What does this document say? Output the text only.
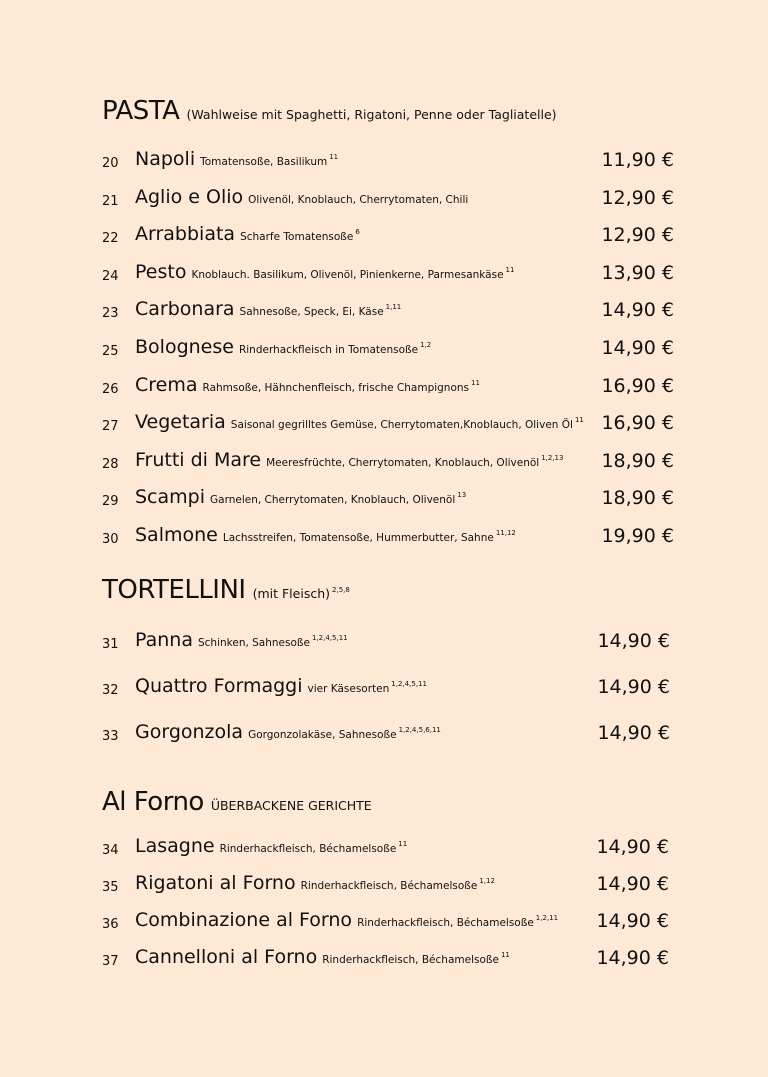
PASTA (Wahlweise mit Spaghetti, Rigatoni, Penne oder Tagliatelle)
20 Napoli Tomatensoße, Basilikum $^{11}$	11,90 €
21 Aglio e Olio Olivenöl, Knoblauch, Cherrytomaten, Chili	12,90 €
22 Arrabbiata Scharfe Tomatensoße $^6$	12,90 €
24 Pesto Knoblauch. Basilikum, Olivenöl, Pinienkerne, Parmesankäse $^{11}$	13,90 €
23 Carbonara Sahnesoße, Speck, Ei, Käse $^{1,11}$	14,90 €
25 Bolognese Rinderhackfleisch in Tomatensoße $^{1,2}$	14,90 €
26 Crema Rahmsoße, Hähnchenfleisch, frische Champignons $^{11}$	16,90 €
27 Vegetaria Saisonal gegrilltes Gemüse, Cherrytomaten,Knoblauch, Oliven Öl $^{11}$ 16,90 €
28 Frutti di Mare Meeresfrüchte, Cherrytomaten, Knoblauch, Olivenöl $^{1,2,13}$ 18,90 €
29 Scampi Garnelen, Cherrytomaten, Knoblauch, Olivenöl $^{13}$	18,90 €
30 Salmone Lachsstreifen, Tomatensoße, Hummerbutter, Sahne $^{11,12}$	19,90 €
TORTELLINI (mit Fleisch) $^{2,5,8}$
31 Panna Schinken, Sahnesoße $^{1,2,4,5,11}$	14,90 €
32 Quattro Formaggi vier Käsesorten $^{1,2,4,5,11}$	14,90 €
33 Gorgonzola Gorgonzolakäse, Sahnesoße $^{1,2,4,5,6,11}$	14,90 €
Al Forno ÜBERBACKENE GERICHTE
34 Lasagne Rinderhackfleisch, Béchamelsoße $^{11}$	14,90 €
35 Rigatoni al Forno Rinderhackfleisch, Béchamelsoße $^{1,12}$	14,90 €
36 Combinazione al Forno Rinderhackfleisch, Béchamelsoße $^{1,2,11}$ 14,90 €
37 Cannelloni al Forno Rinderhackfleisch, Béchamelsoße $^{11}$	14,90 €
